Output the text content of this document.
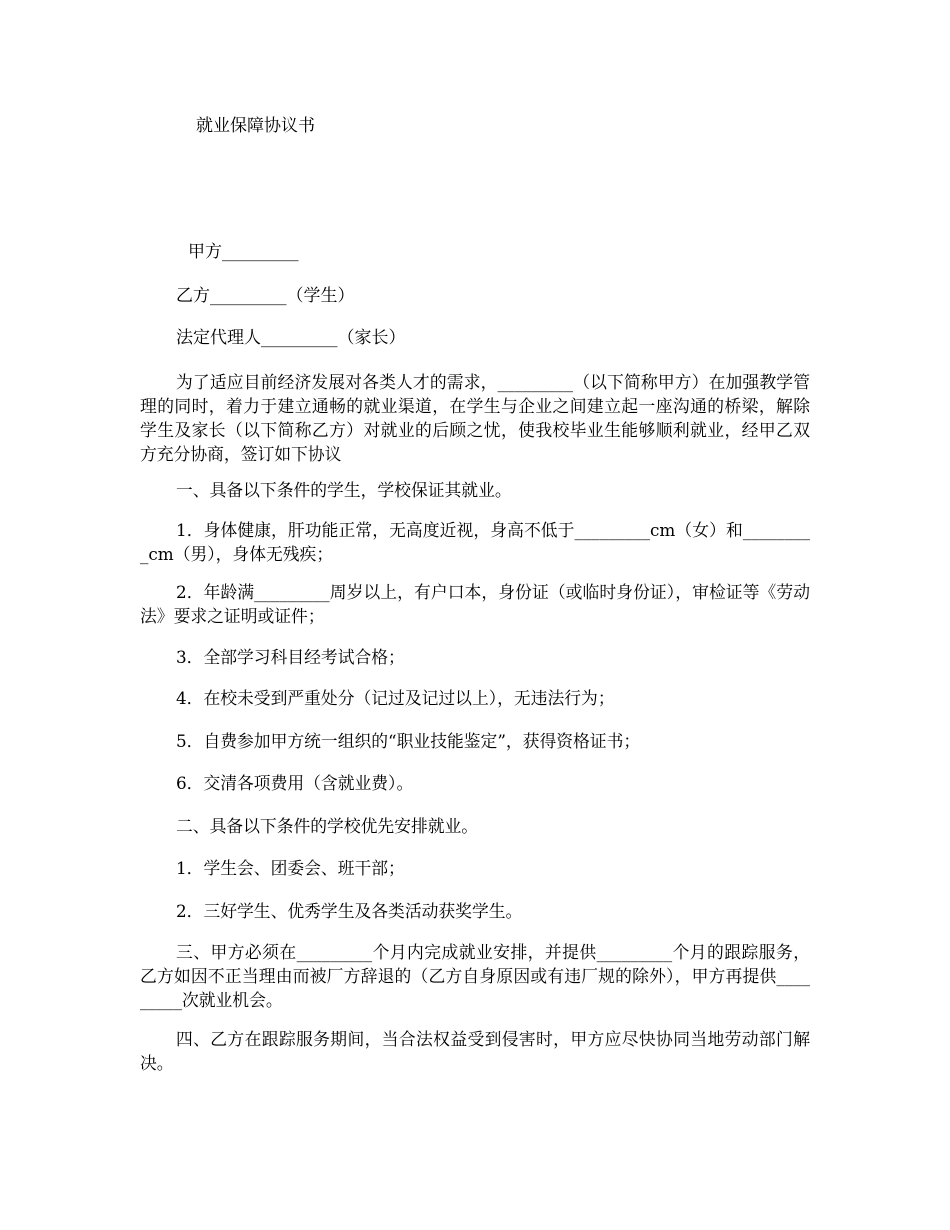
就业保障协议书
甲方_________
乙方_________（学生）
法定代理人_________（家长）
为了适应目前经济发展对各类人才的需求，_________（以下简称甲方）在加强教学管理的同时，着力于建立通畅的就业渠道，在学生与企业之间建立起一座沟通的桥梁，解除学生及家长（以下简称乙方）对就业的后顾之忧，使我校毕业生能够顺利就业，经甲乙双方充分协商，签订如下协议
一、具备以下条件的学生，学校保证其就业。
1．身体健康，肝功能正常，无高度近视，身高不低于_________cm（女）和_________cm（男），身体无残疾；
2．年龄满_________周岁以上，有户口本，身份证（或临时身份证），审检证等《劳动法》要求之证明或证件；
3．全部学习科目经考试合格；
4．在校未受到严重处分（记过及记过以上），无违法行为；
5．自费参加甲方统一组织的“职业技能鉴定”，获得资格证书；
6．交清各项费用（含就业费）。
二、具备以下条件的学校优先安排就业。
1．学生会、团委会、班干部；
2．三好学生、优秀学生及各类活动获奖学生。
三、甲方必须在_________个月内完成就业安排，并提供_________个月的跟踪服务，乙方如因不正当理由而被厂方辞退的（乙方自身原因或有违厂规的除外），甲方再提供_________次就业机会。
四、乙方在跟踪服务期间，当合法权益受到侵害时，甲方应尽快协同当地劳动部门解决。
